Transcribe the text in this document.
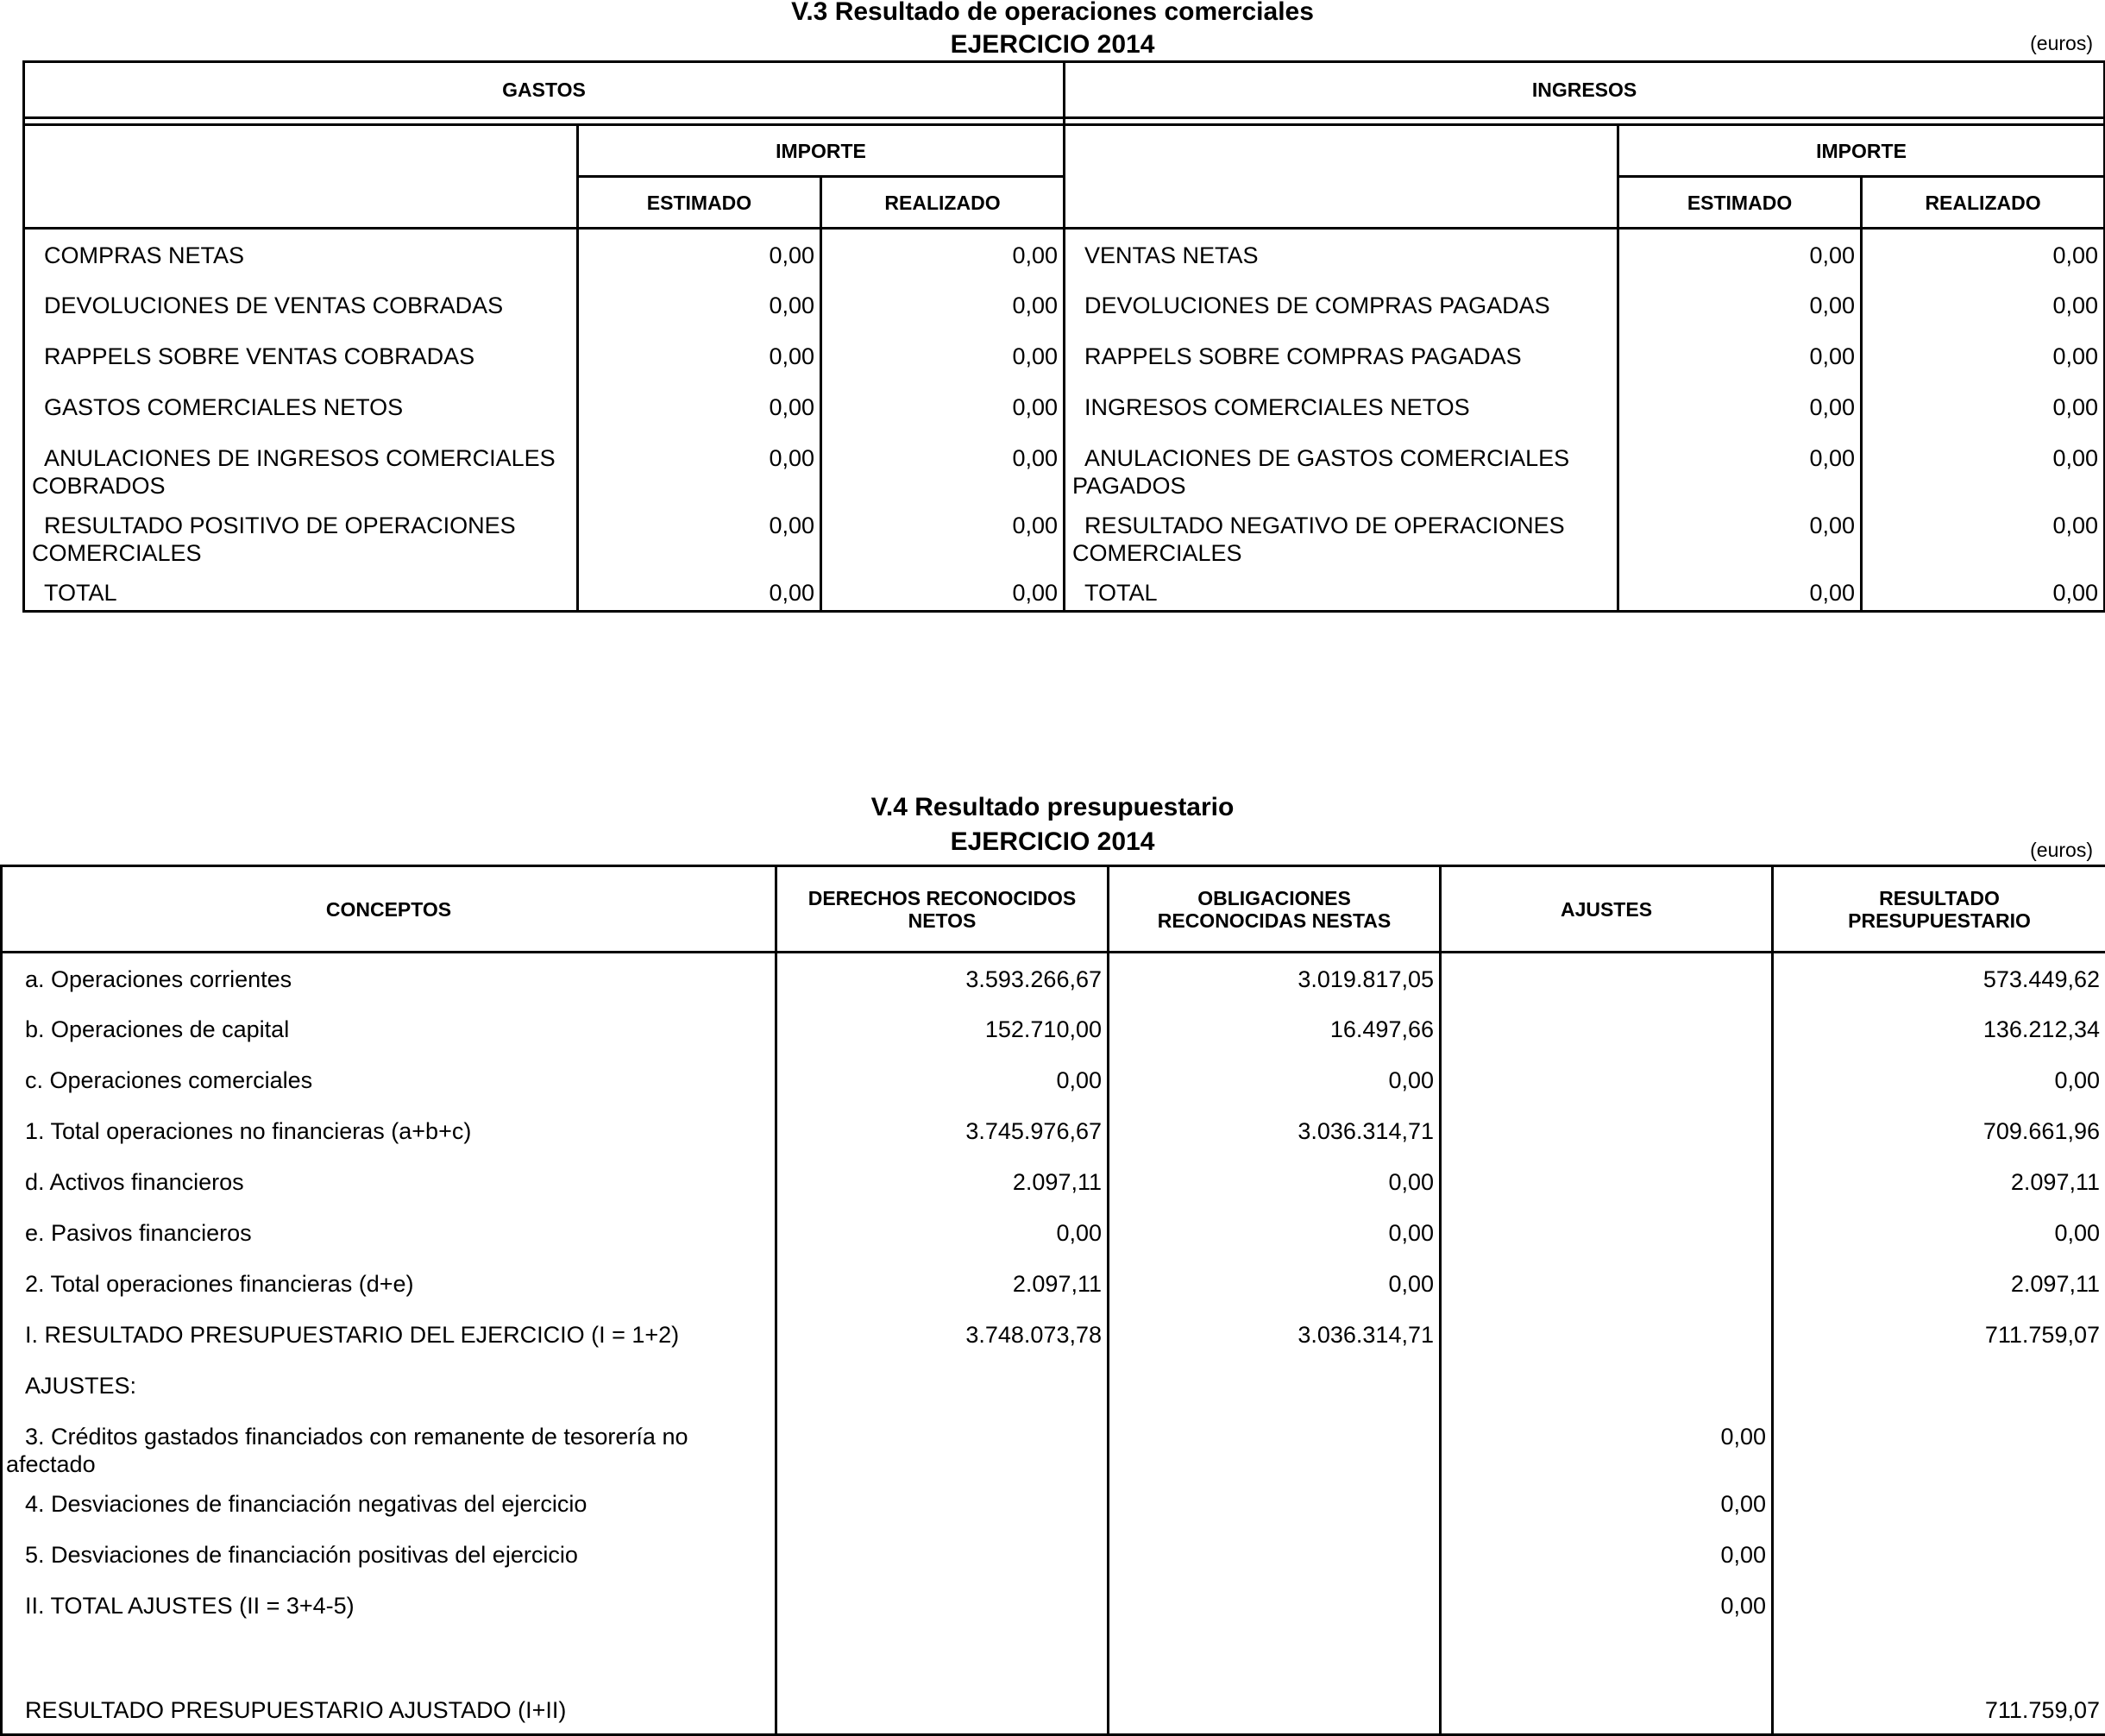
V.3 Resultado de operaciones comerciales
EJERCICIO 2014	(euros)
GASTOS			INGRESOS		

	IMPORTE			IMPORTE	
	ESTIMADO	REALIZADO		ESTIMADO	REALIZADO
COMPRAS NETAS	0,00	0,00	VENTAS NETAS	0,00	0,00
DEVOLUCIONES DE VENTAS COBRADAS	0,00	0,00	DEVOLUCIONES DE COMPRAS PAGADAS	0,00	0,00
RAPPELS SOBRE VENTAS COBRADAS	0,00	0,00	RAPPELS SOBRE COMPRAS PAGADAS	0,00	0,00
GASTOS COMERCIALES NETOS	0,00	0,00	INGRESOS COMERCIALES NETOS	0,00	0,00
ANULACIONES DE INGRESOS COMERCIALES COBRADOS	0,00	0,00	ANULACIONES DE GASTOS COMERCIALES PAGADOS	0,00	0,00
RESULTADO POSITIVO DE OPERACIONES COMERCIALES	0,00	0,00	RESULTADO NEGATIVO DE OPERACIONES COMERCIALES	0,00	0,00
TOTAL	0,00	0,00	TOTAL	0,00	0,00
V.4 Resultado presupuestario
EJERCICIO 2014	(euros)
CONCEPTOS	DERECHOS RECONOCIDOS NETOS	OBLIGACIONES RECONOCIDAS NESTAS	AJUSTES	RESULTADO PRESUPUESTARIO

a. Operaciones corrientes	3.593.266,67	3.019.817,05		573.449,62
b. Operaciones de capital	152.710,00	16.497,66		136.212,34
c. Operaciones comerciales	0,00	0,00		0,00
1. Total operaciones no financieras (a+b+c)	3.745.976,67	3.036.314,71		709.661,96
d. Activos financieros	2.097,11	0,00		2.097,11
e. Pasivos financieros	0,00	0,00		0,00
2. Total operaciones financieras (d+e)	2.097,11	0,00		2.097,11
I. RESULTADO PRESUPUESTARIO DEL EJERCICIO (I = 1+2)	3.748.073,78	3.036.314,71		711.759,07
AJUSTES:				
3. Créditos gastados financiados con remanente de tesorería no afectado			0,00	
4. Desviaciones de financiación negativas del ejercicio			0,00	
5. Desviaciones de financiación positivas del ejercicio			0,00	
II. TOTAL AJUSTES (II = 3+4-5)			0,00	

RESULTADO PRESUPUESTARIO AJUSTADO (I+II)				711.759,07
